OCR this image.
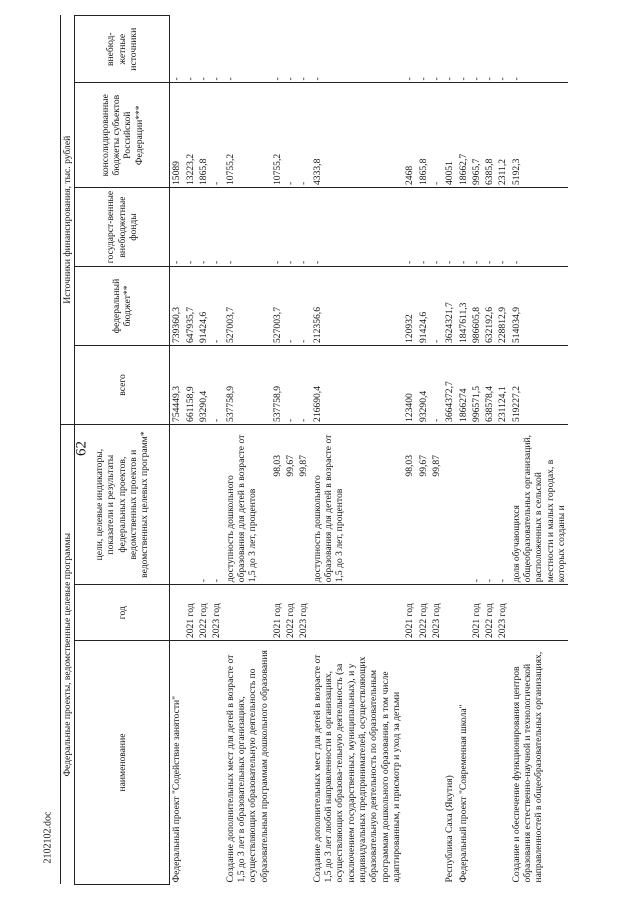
62
2102102.doc
Федеральные проекты, ведомственные целевые программы			Источники финансирования, тыс. рублей				
наименование	год	цели, целевые индикаторы, показатели и результаты федеральных проектов, ведомственных проектов и ведомственных целевых программ*	всего	федеральный бюджет**	государст-венные внебюджетные фонды	консолидированные бюджеты субъектов Российской Федерации***	внебюд-жетные источники
Федеральный проект "Содействие занятости"			754449,3	739360,3	-	15089	-
	2021 год		661158,9	647935,7	-	13223,2	-
	2022 год	-	93290,4	91424,6	-	1865,8	-
	2023 год	-	-	-	-	-	-
Создание дополнительных мест для детей в возрасте от 1,5 до 3 лет в образовательных организациях, осуществляющих образовательную деятельность по образовательным программам дошкольного образования		доступность дошкольного образования для детей в возрасте от 1,5 до 3 лет, процентов	537758,9	527003,7	-	10755,2	-
	2021 год	98,03	537758,9	527003,7	-	10755,2	-
	2022 год	99,67	-	-	-	-	-
	2023 год	99,87	-	-	-	-	-
Создание дополнительных мест для детей в возрасте от 1,5 до 3 лет любой направленности в организациях, осуществляющих образова-тельную деятельность (за исключением государственных, муниципальных), и у индивидуальных предпринимателей, осуществляющих образовательную деятельность по образовательным программам дошкольного образования, в том числе адаптированным, и присмотр и уход за детьми		доступность дошкольного образования для детей в возрасте от 1,5 до 3 лет, процентов	216690,4	212356,6	-	4333,8	-
	2021 год	98,03	123400	120932	-	2468	-
	2022 год	99,67	93290,4	91424,6	-	1865,8	-
	2023 год	99,87	-	-	-	-	-
Республика Саха (Якутия)			3664372,7	3624321,7	-	40051	-
Федеральный проект "Современная школа"			1866274	1847611,3	-	18662,7	-
	2021 год	-	996571,5	986605,8	-	9965,7	-
	2022 год	-	638578,4	632192,6	-	6385,8	-
	2023 год	-	231124,1	228812,9	-	2311,2	-
Создание и обеспечение функционирования центров образования естественно-научной и технологической направленностей в общеобразовательных организациях,		доля обучающихся общеобразовательных организаций, расположенных в сельской местности и малых городах, в которых созданы и	519227,2	514034,9	-	5192,3	-
